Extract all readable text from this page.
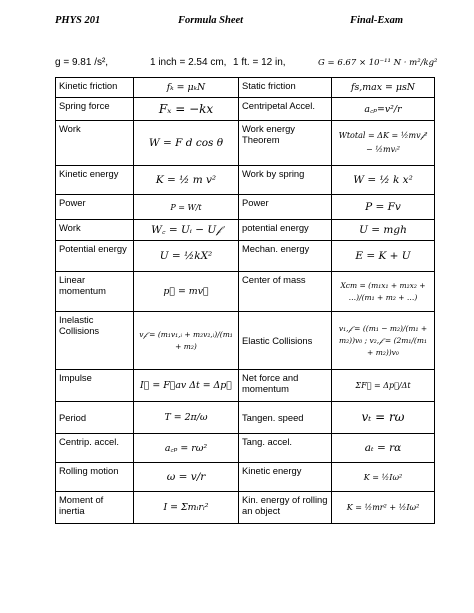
PHYS 201	Formula Sheet	Final-Exam
g = 9.81 /s²,	1 inch = 2.54 cm, 1 ft. = 12 in,	G = 6.67 × 10⁻¹¹ N · m²/kg²
Kinetic friction	fₖ = μₖN	Static friction	fs,max = μsN
Spring force	Fₓ = −kx	Centripetal Accel.	a꜀ₚ=v²/r
Work	W = F d cos θ	Work energy Theorem	Wtotal = ΔK = ½mv𝒻² − ½mvᵢ²
Kinetic energy	K = ½ m v²	Work by spring	W = ½ k x²
Power	P = W/t	Power	P = Fv
Work	W꜀ = Uᵢ − U𝒻	potential energy	U = mgh
Potential energy	U = ½kX²	Mechan. energy	E = K + U
Linear momentum	p⃗ = mv⃗	Center of mass	Xcm = (m₁x₁ + m₂x₂ + …)/(m₁ + m₂ + …)
Inelastic Collisions	v𝒻 = (m₁v₁,ᵢ + m₂v₂,ᵢ)/(m₁ + m₂)	Elastic Collisions	v₁,𝒻 = ((m₁ − m₂)/(m₁ + m₂))v₀ ; v₂,𝒻 = (2m₁/(m₁ + m₂))v₀
Impulse	I⃗ = F⃗av Δt = Δp⃗	Net force and momentum	ΣF⃗ = Δp⃗/Δt
Period	T = 2π/ω	Tangen. speed	vₜ = rω
Centrip. accel.	a꜀ₚ = rω²	Tang. accel.	aₜ = rα
Rolling motion	ω = v/r	Kinetic energy	K = ½Iω²
Moment of inertia	I = Σmᵢrᵢ²	Kin. energy of rolling an object	K = ½mr² + ½Iω²
